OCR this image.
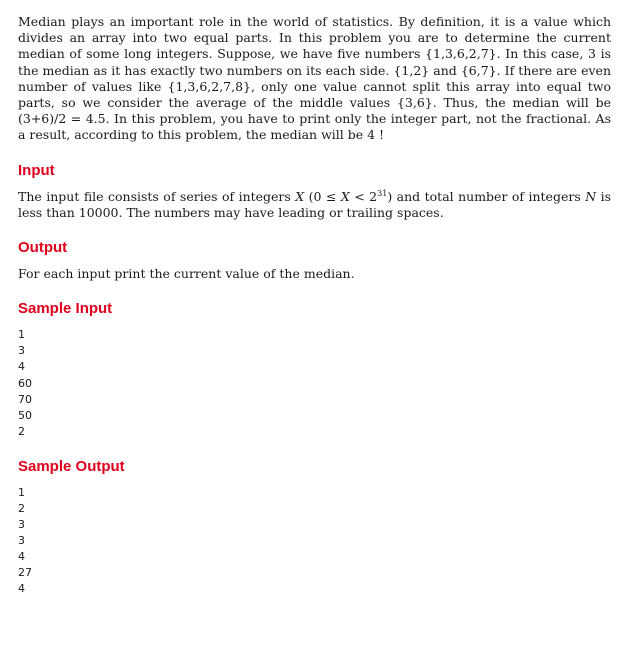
Median plays an important role in the world of statistics. By definition, it is a value which divides an array into two equal parts. In this problem you are to determine the current median of some long integers. Suppose, we have five numbers {1,3,6,2,7}. In this case, 3 is the median as it has exactly two numbers on its each side. {1,2} and {6,7}. If there are even number of values like {1,3,6,2,7,8}, only one value cannot split this array into equal two parts, so we consider the average of the middle values {3,6}. Thus, the median will be (3+6)/2 = 4.5. In this problem, you have to print only the integer part, not the fractional. As a result, according to this problem, the median will be 4 !

Input

The input file consists of series of integers X $(0 \le X < 2^{31})$ and total number of integers N is less than 10000. The numbers may have leading or trailing spaces.

Output

For each input print the current value of the median.

Sample Input
1
3
4
60
70
50
2
Sample Output
1
2
3
3
4
27
4
